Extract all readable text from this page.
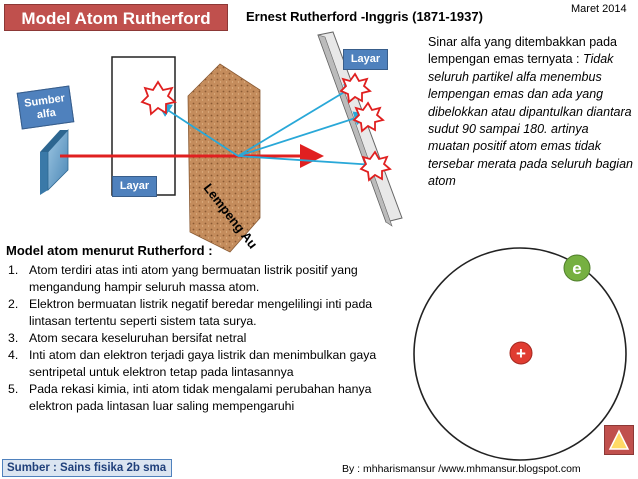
Model Atom Rutherford	Ernest Rutherford -Inggris (1871-1937)	Maret 2014
e
+
Lempeng Au
Layar
Layar
Sumber
alfa
Sinar alfa yang ditembakkan pada lempengan emas ternyata : Tidak seluruh partikel alfa menembus lempengan emas dan ada yang dibelokkan atau dipantulkan diantara sudut 90 sampai 180. artinya muatan positif atom emas tidak tersebar merata pada seluruh bagian atom
Model atom menurut Rutherford :
1. Atom terdiri atas inti atom yang bermuatan listrik positif yang mengandung hampir seluruh massa atom.
2. Elektron bermuatan listrik negatif beredar mengelilingi inti pada lintasan tertentu seperti sistem tata surya.
3. Atom secara keseluruhan bersifat netral
4. Inti atom dan elektron terjadi gaya listrik dan menimbulkan gaya sentripetal untuk elektron tetap pada lintasannya
5. Pada rekasi kimia, inti atom tidak mengalami perubahan hanya elektron pada lintasan luar saling mempengaruhi
Sumber : Sains fisika 2b sma	By : mhharismansur /www.mhmansur.blogspot.com
